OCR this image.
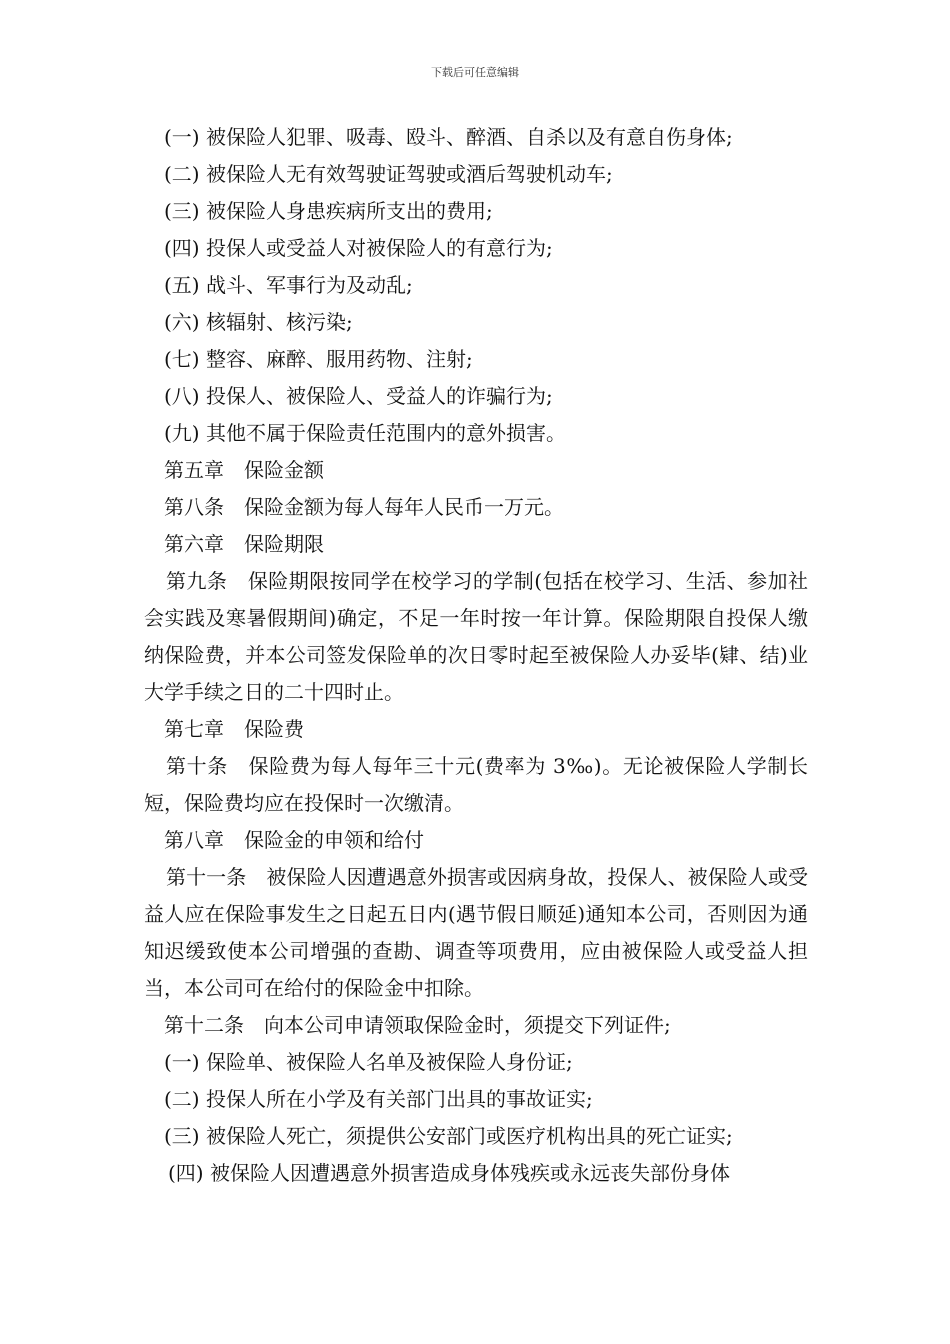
下载后可任意编辑

(一) 被保险人犯罪、吸毒、殴斗、醉酒、自杀以及有意自伤身体;

(二) 被保险人无有效驾驶证驾驶或酒后驾驶机动车;

(三) 被保险人身患疾病所支出的费用;

(四) 投保人或受益人对被保险人的有意行为;

(五) 战斗、军事行为及动乱;

(六) 核辐射、核污染;

(七) 整容、麻醉、服用药物、注射;

(八) 投保人、被保险人、受益人的诈骗行为;

(九) 其他不属于保险责任范围内的意外损害。

第五章　保险金额

第八条　保险金额为每人每年人民币一万元。

第六章　保险期限

第九条　保险期限按同学在校学习的学制(包括在校学习、生活、参加社会实践及寒暑假期间)确定，不足一年时按一年计算。保险期限自投保人缴纳保险费，并本公司签发保险单的次日零时起至被保险人办妥毕(肄、结)业大学手续之日的二十四时止。

第七章　保险费

第十条　保险费为每人每年三十元(费率为 3‰)。无论被保险人学制长短，保险费均应在投保时一次缴清。

第八章　保险金的申领和给付

第十一条　被保险人因遭遇意外损害或因病身故，投保人、被保险人或受益人应在保险事发生之日起五日内(遇节假日顺延)通知本公司，否则因为通知迟缓致使本公司增强的查勘、调查等项费用，应由被保险人或受益人担当，本公司可在给付的保险金中扣除。

第十二条　向本公司申请领取保险金时，须提交下列证件;

(一) 保险单、被保险人名单及被保险人身份证;

(二) 投保人所在小学及有关部门出具的事故证实;

(三) 被保险人死亡，须提供公安部门或医疗机构出具的死亡证实;

(四) 被保险人因遭遇意外损害造成身体残疾或永远丧失部份身体
